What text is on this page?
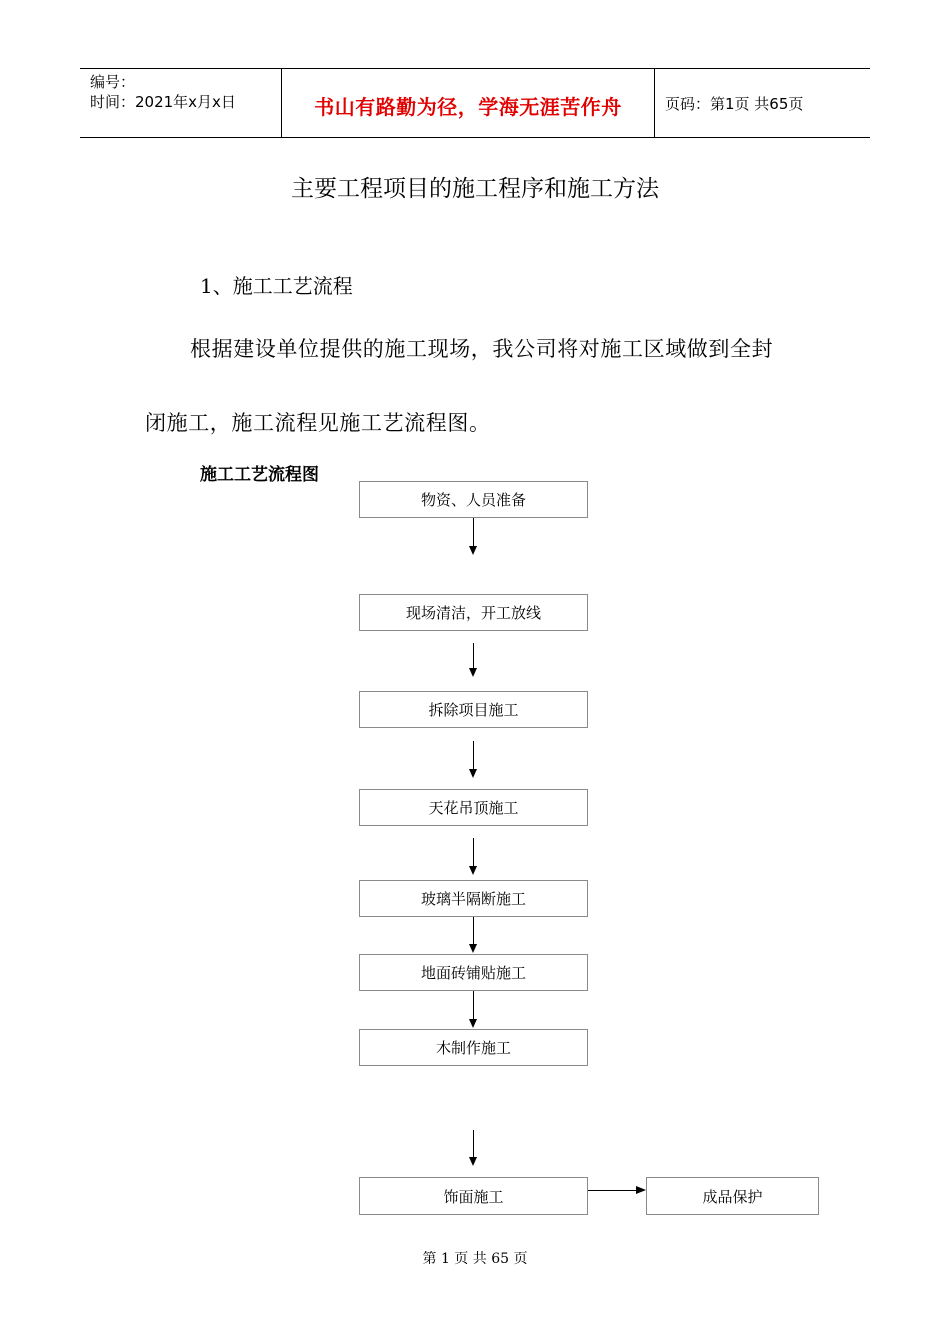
编号：
时间：2021年x月x日	书山有路勤为径，学海无涯苦作舟	页码：第1页 共65页
主要工程项目的施工程序和施工方法
1、施工工艺流程
根据建设单位提供的施工现场，我公司将对施工区域做到全封
闭施工，施工流程见施工艺流程图。
施工工艺流程图
物资、人员准备
现场清洁，开工放线
拆除项目施工
天花吊顶施工
玻璃半隔断施工
地面砖铺贴施工
木制作施工
饰面施工	成品保护
第 1 页 共 65 页
